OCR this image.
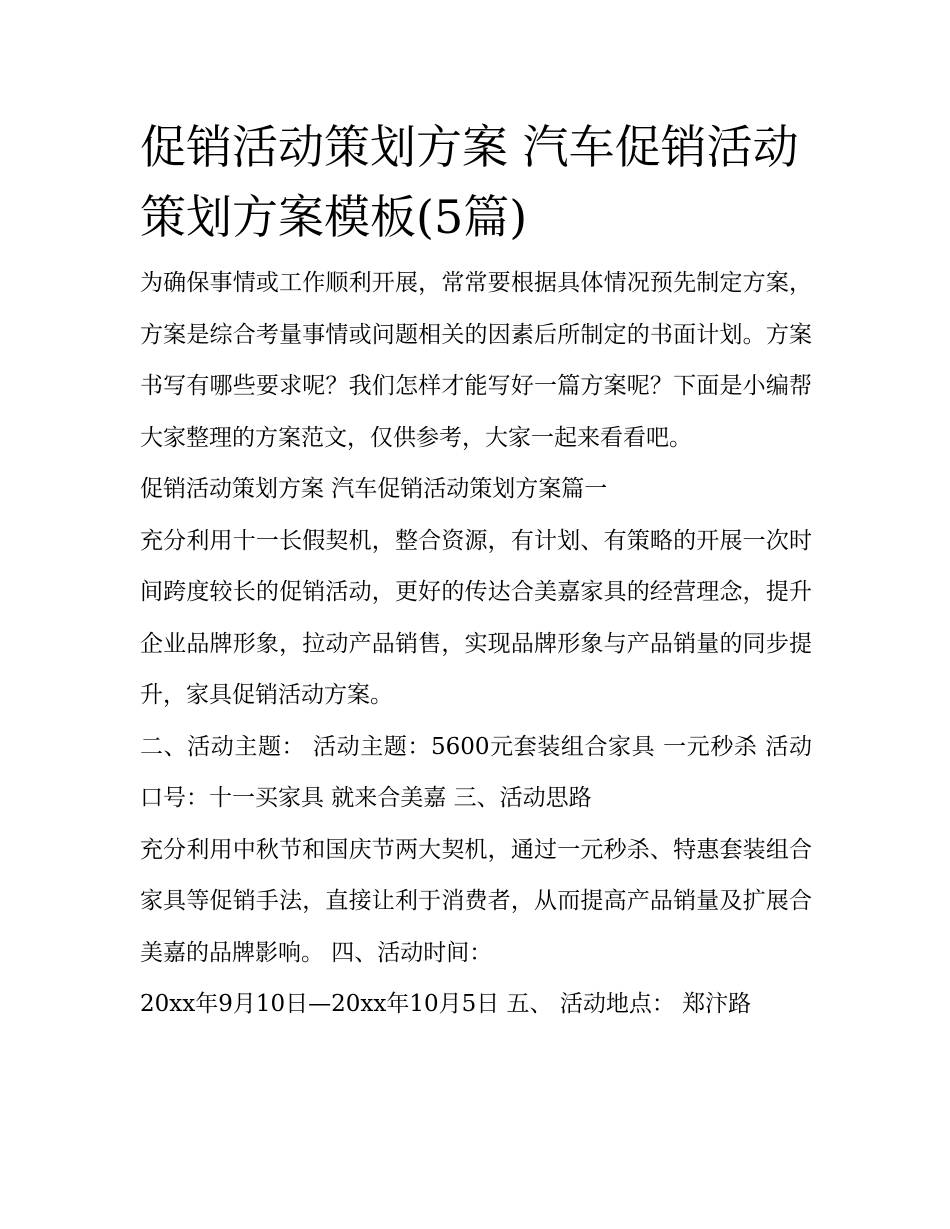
促销活动策划方案 汽车促销活动策划方案模板(5篇)

为确保事情或工作顺利开展，常常要根据具体情况预先制定方案，方案是综合考量事情或问题相关的因素后所制定的书面计划。方案书写有哪些要求呢？我们怎样才能写好一篇方案呢？下面是小编帮大家整理的方案范文，仅供参考，大家一起来看看吧。

促销活动策划方案 汽车促销活动策划方案篇一

充分利用十一长假契机，整合资源，有计划、有策略的开展一次时间跨度较长的促销活动，更好的传达合美嘉家具的经营理念，提升企业品牌形象，拉动产品销售，实现品牌形象与产品销量的同步提升，家具促销活动方案。

二、活动主题： 活动主题：5600元套装组合家具 一元秒杀 活动口号：十一买家具 就来合美嘉 三、活动思路

充分利用中秋节和国庆节两大契机，通过一元秒杀、特惠套装组合家具等促销手法，直接让利于消费者，从而提高产品销量及扩展合美嘉的品牌影响。 四、活动时间：

20xx年9月10日—20xx年10月5日 五、 活动地点： 郑汴路
